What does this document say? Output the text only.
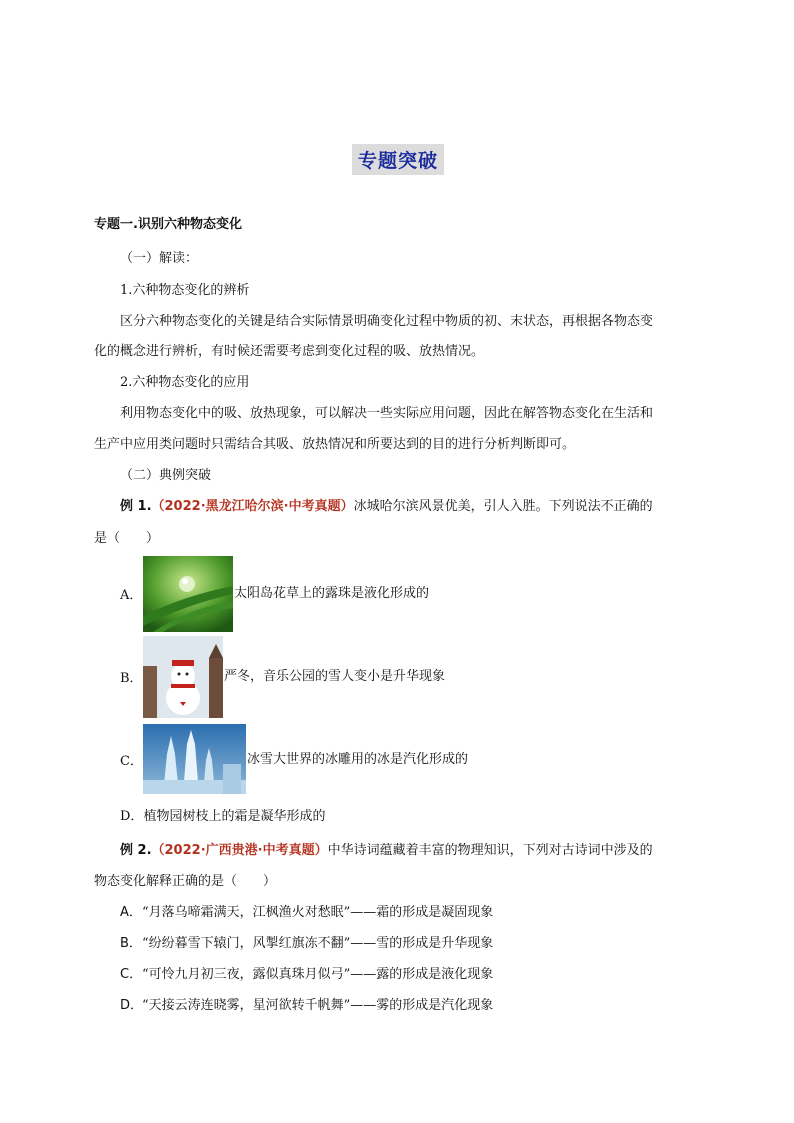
专题突破
专题一.识别六种物态变化
（一）解读：
1.六种物态变化的辨析
区分六种物态变化的关键是结合实际情景明确变化过程中物质的初、末状态，再根据各物态变
化的概念进行辨析，有时候还需要考虑到变化过程的吸、放热情况。
2.六种物态变化的应用
利用物态变化中的吸、放热现象，可以解决一些实际应用问题，因此在解答物态变化在生活和
生产中应用类问题时只需结合其吸、放热情况和所要达到的目的进行分析判断即可。
（二）典例突破
例 1.（2022·黑龙江哈尔滨·中考真题）冰城哈尔滨风景优美，引人入胜。下列说法不正确的
是（　　）
A．	太阳岛花草上的露珠是液化形成的
B．	严冬，音乐公园的雪人变小是升华现象
C．	冰雪大世界的冰雕用的冰是汽化形成的
D．植物园树枝上的霜是凝华形成的
例 2.（2022·广西贵港·中考真题）中华诗词蕴藏着丰富的物理知识，下列对古诗词中涉及的
物态变化解释正确的是（　　）
A．“月落乌啼霜满天，江枫渔火对愁眠”——霜的形成是凝固现象
B．“纷纷暮雪下辕门，风掣红旗冻不翻”——雪的形成是升华现象
C．“可怜九月初三夜，露似真珠月似弓”——露的形成是液化现象
D．“天接云涛连晓雾，星河欲转千帆舞”——雾的形成是汽化现象
